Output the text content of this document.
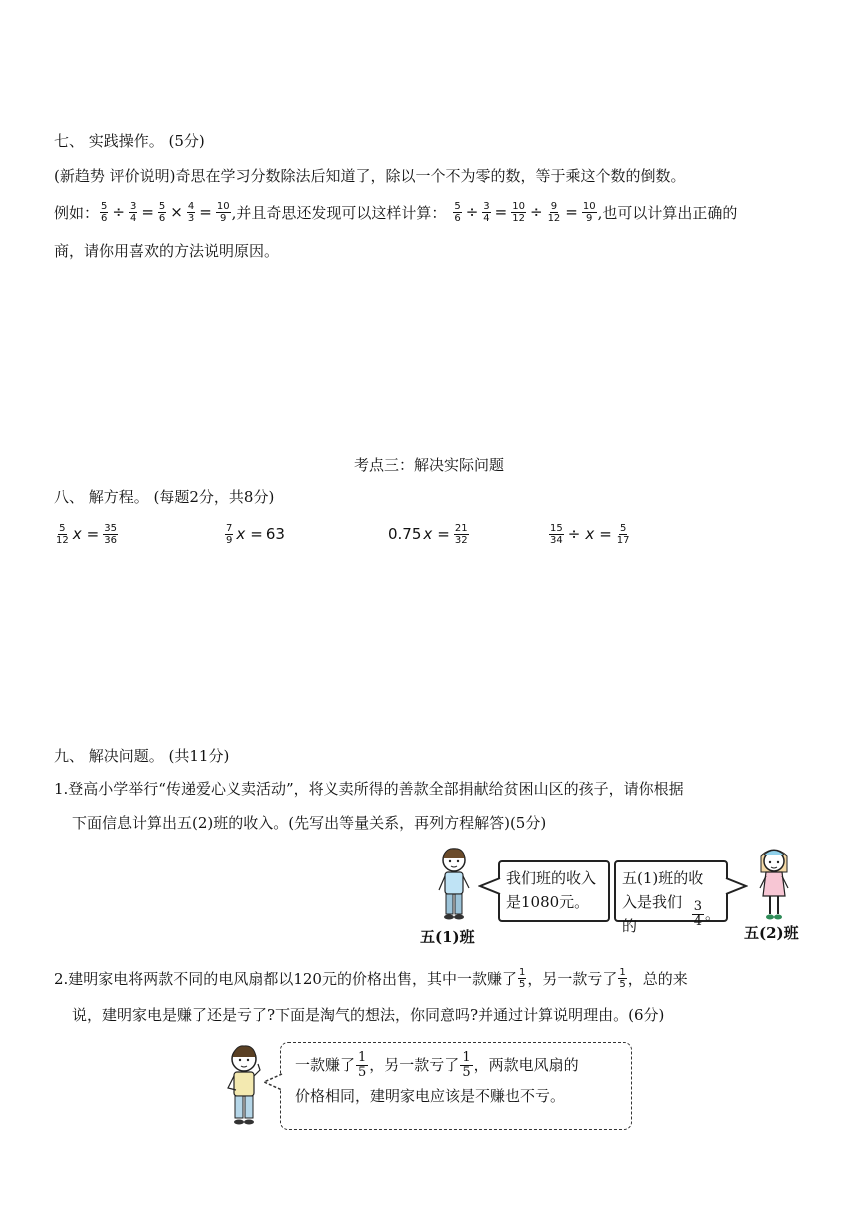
七、 实践操作。 (5分)
(新趋势 评价说明)奇思在学习分数除法后知道了，除以一个不为零的数，等于乘这个数的倒数。
例如： $\frac{5}{6} \div \frac{3}{4} = \frac{5}{6} \times \frac{4}{3} = \frac{10}{9}$ ,并且奇思还发现可以这样计算： $\frac{5}{6} \div \frac{3}{4} = \frac{10}{12} \div \frac{9}{12} = \frac{10}{9}$ ,也可以计算出正确的
商，请你用喜欢的方法说明原因。
考点三：解决实际问题
八、 解方程。 (每题2分，共8分)
$\frac{5}{12}$ $x = \frac{35}{36}$	$\frac{7}{9}$ x = 63	0.75 $x = \frac{21}{32}$	$\frac{15}{34} \div x = \frac{5}{17}$
九、 解决问题。 (共11分)
1.登高小学举行“传递爱心义卖活动”，将义卖所得的善款全部捐献给贫困山区的孩子，请你根据
下面信息计算出五(2)班的收入。(先写出等量关系，再列方程解答)(5分)
我们班的收入
是1080元。
五(1)班的收
入是我们的
3
4 。
五(1)班	五(2)班
2.建明家电将两款不同的电风扇都以120元的价格出售，其中一款赚了 $\frac{1}{5}$ ，另一款亏了 $\frac{1}{5}$ ，总的来
说，建明家电是赚了还是亏了?下面是淘气的想法，你同意吗?并通过计算说明理由。(6分)
一款赚了 1
5 ，另一款亏了 1
5 ，两款电风扇的
价格相同，建明家电应该是不赚也不亏。
